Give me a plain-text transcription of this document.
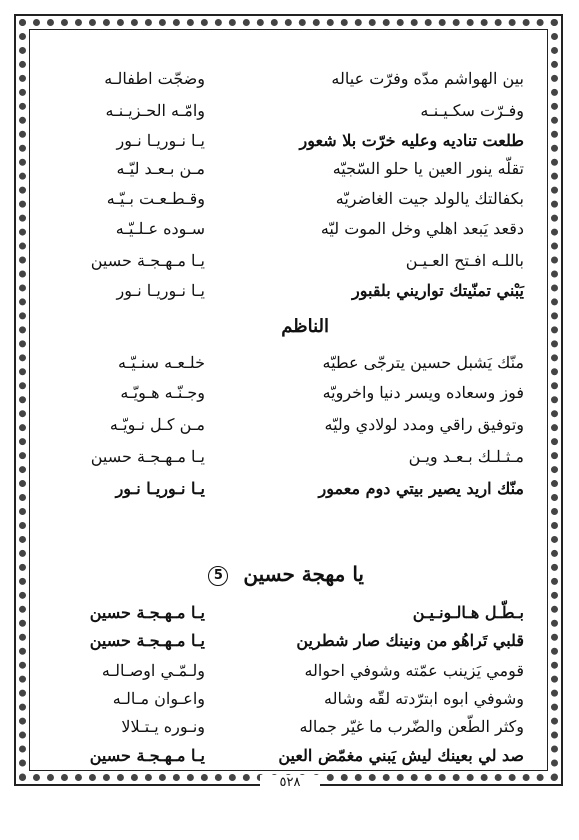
بين الهواشم مدّه وفرّت عياله
وفـرّت سكـيـنـه
طلعت تناديه وعليه خرّت بلا شعور
تقلّه ينور العين يا حلو السّجيّه
بكفالتك يالولد جيت الغاضريّه
دقعد يَبعد اهلي وخل الموت ليّه
باللـه افـتح العـيـن
يَبْني تمنّيتك تواريني بلقبور
وضجّت اطفالـه
وامّـه الحـزيـنـه
يـا نـوريـا نـور
مـن بـعـد ليّـه
وقـطـعـت بـيّـه
سـوده عـلـيّـه
يـا مـهـجـة حسين
يـا نـوريـا نـور
الناظم
منّك يَشبل حسين يترجّى عطيّه
فوز وسعاده ويسر دنيا واخرويّه
وتوفيق راقي ومدد لولادي وليّه
مـثـلـك بـعـد ويـن
منّك اريد يصير بيتي دوم معمور
خلـعـه سنـيّـه
وجـنّـه هـويّـه
مـن كـل نـويّـه
يـا مـهـجـة حسين
يـا نـوريـا نـور
يا مهجة حسين 5
بـطّـل هـالـونـيـن
قلبي تَراهُو من ونينك صار شطرين
قومي يَزينب عمّته وشوفي احواله
وشوفي ابوه ابترّدته لقّه وشاله
وكثر الطّعن والضّرب ما غيّر جماله
صد لي بعينك ليش يَبني مغمّض العين
يـا مـهـجـة حسين
يـا مـهـجـة حسين
ولـمّـي اوصـالـه
واعـوان مـالـه
ونـوره يـتـلالا
يـا مـهـجـة حسين
٥٢٨
